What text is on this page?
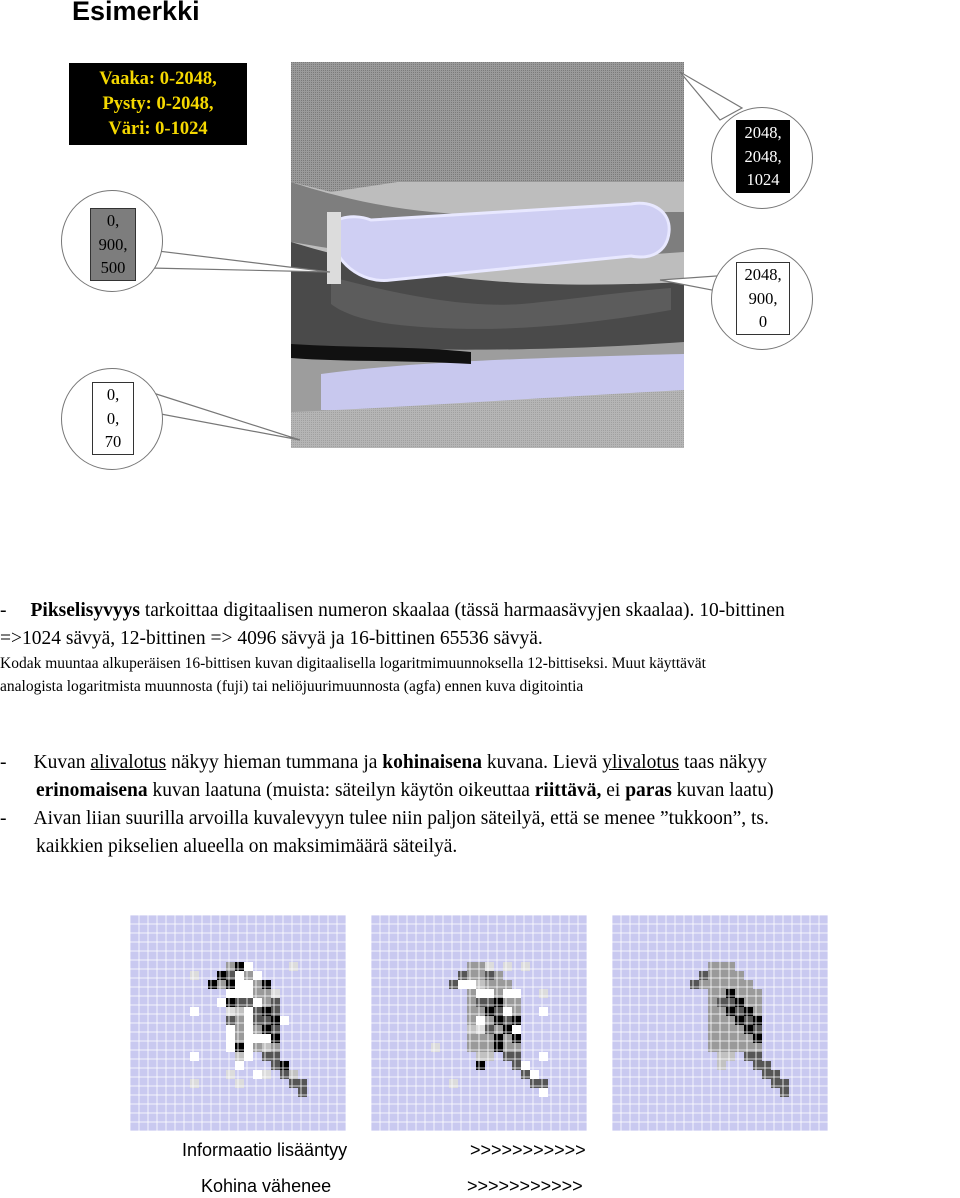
Esimerkki
Vaaka: 0-2048,
Pysty: 0-2048,
Väri: 0-1024
0,
900,
500
0,
0,
70
2048,
2048,
1024
2048,
900,
0
- Pikselisyvyys tarkoittaa digitaalisen numeron skaalaa (tässä harmaasävyjen skaalaa). 10-bittinen
=>1024 sävyä, 12-bittinen => 4096 sävyä ja 16-bittinen 65536 sävyä.
Kodak muuntaa alkuperäisen 16-bittisen kuvan digitaalisella logaritmimuunnoksella 12-bittiseksi. Muut käyttävät
analogista logaritmista muunnosta (fuji) tai neliöjuurimuunnosta (agfa) ennen kuva digitointia
- Kuvan alivalotus näkyy hieman tummana ja kohinaisena kuvana. Lievä ylivalotus taas näkyy
erinomaisena kuvan laatuna (muista: säteilyn käytön oikeuttaa riittävä, ei paras kuvan laatu)
- Aivan liian suurilla arvoilla kuvalevyyn tulee niin paljon säteilyä, että se menee ”tukkoon”, ts.
kaikkien pikselien alueella on maksimimäärä säteilyä.
Informaatio lisääntyy	>>>>>>>>>>>
Kohina vähenee	>>>>>>>>>>>
